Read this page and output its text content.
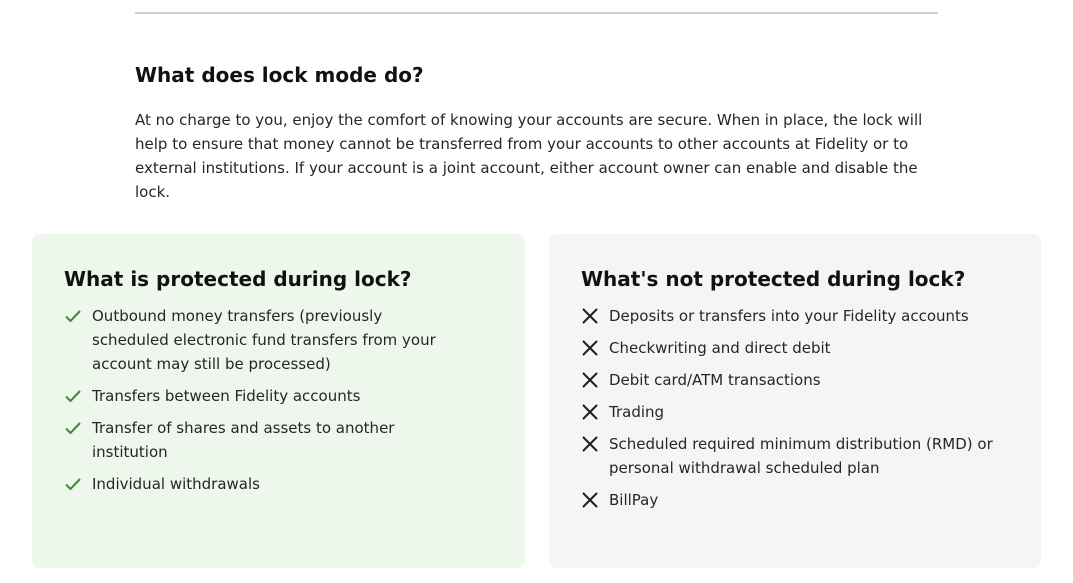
What does lock mode do?

At no charge to you, enjoy the comfort of knowing your accounts are secure. When in place, the lock will help to ensure that money cannot be transferred from your accounts to other accounts at Fidelity or to external institutions. If your account is a joint account, either account owner can enable and disable the lock.

What is protected during lock?
Outbound money transfers (previously scheduled electronic fund transfers from your account may still be processed)
Transfers between Fidelity accounts
Transfer of shares and assets to another institution
Individual withdrawals
What's not protected during lock?
Deposits or transfers into your Fidelity accounts
Checkwriting and direct debit
Debit card/ATM transactions
Trading
Scheduled required minimum distribution (RMD) or personal withdrawal scheduled plan
BillPay
